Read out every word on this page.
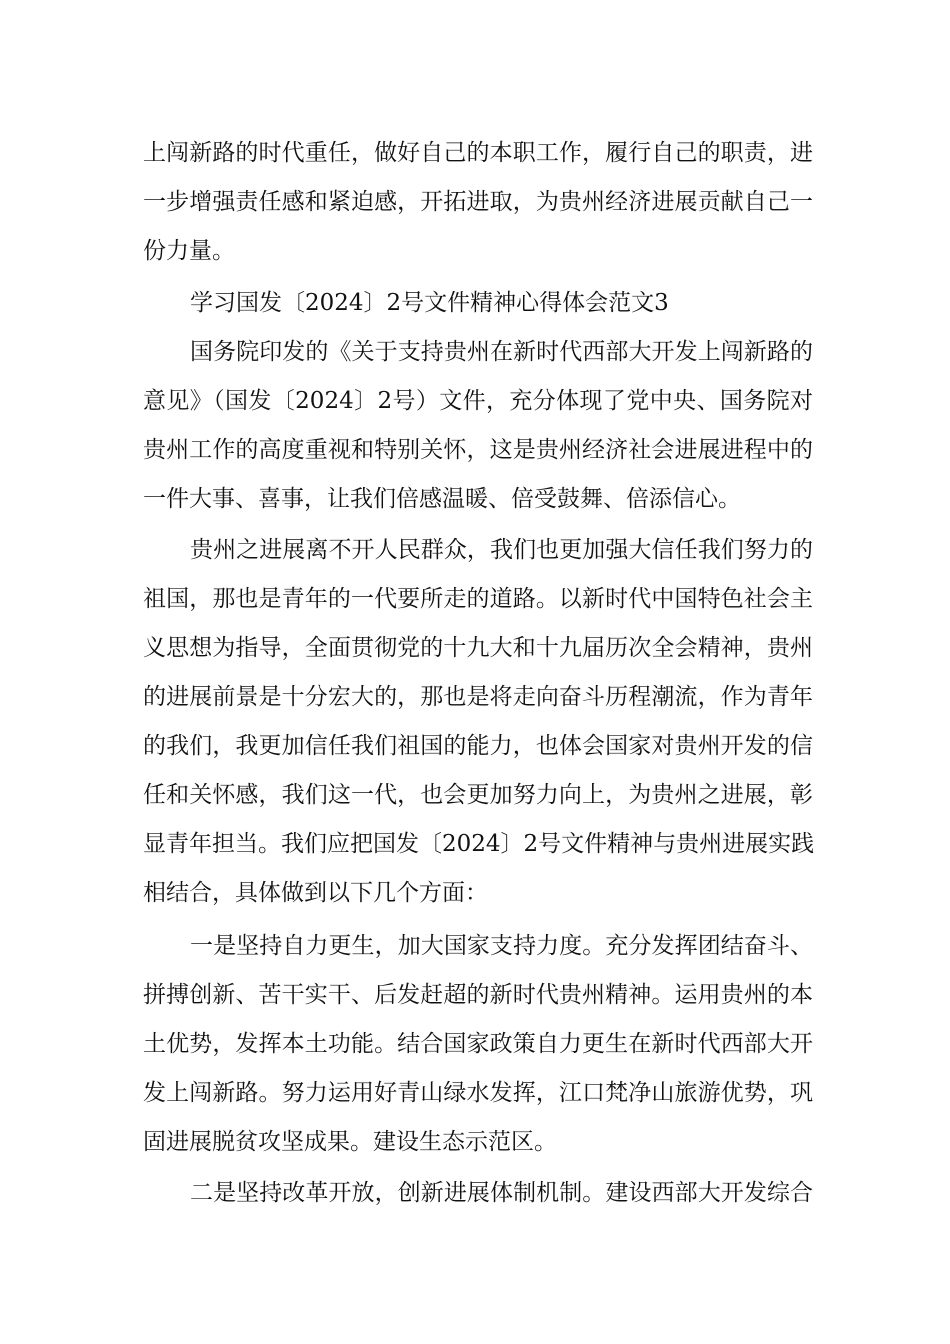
上闯新路的时代重任，做好自己的本职工作，履行自己的职责，进
一步增强责任感和紧迫感，开拓进取，为贵州经济进展贡献自己一
份力量。
学习国发〔2024〕2号文件精神心得体会范文3
国务院印发的《关于支持贵州在新时代西部大开发上闯新路的
意见》（国发〔2024〕2号）文件，充分体现了党中央、国务院对
贵州工作的高度重视和特别关怀，这是贵州经济社会进展进程中的
一件大事、喜事，让我们倍感温暖、倍受鼓舞、倍添信心。
贵州之进展离不开人民群众，我们也更加强大信任我们努力的
祖国，那也是青年的一代要所走的道路。以新时代中国特色社会主
义思想为指导，全面贯彻党的十九大和十九届历次全会精神，贵州
的进展前景是十分宏大的，那也是将走向奋斗历程潮流，作为青年
的我们，我更加信任我们祖国的能力，也体会国家对贵州开发的信
任和关怀感，我们这一代，也会更加努力向上，为贵州之进展，彰
显青年担当。我们应把国发〔2024〕2号文件精神与贵州进展实践
相结合，具体做到以下几个方面：
一是坚持自力更生，加大国家支持力度。充分发挥团结奋斗、
拼搏创新、苦干实干、后发赶超的新时代贵州精神。运用贵州的本
土优势，发挥本土功能。结合国家政策自力更生在新时代西部大开
发上闯新路。努力运用好青山绿水发挥，江口梵净山旅游优势，巩
固进展脱贫攻坚成果。建设生态示范区。
二是坚持改革开放，创新进展体制机制。建设西部大开发综合
